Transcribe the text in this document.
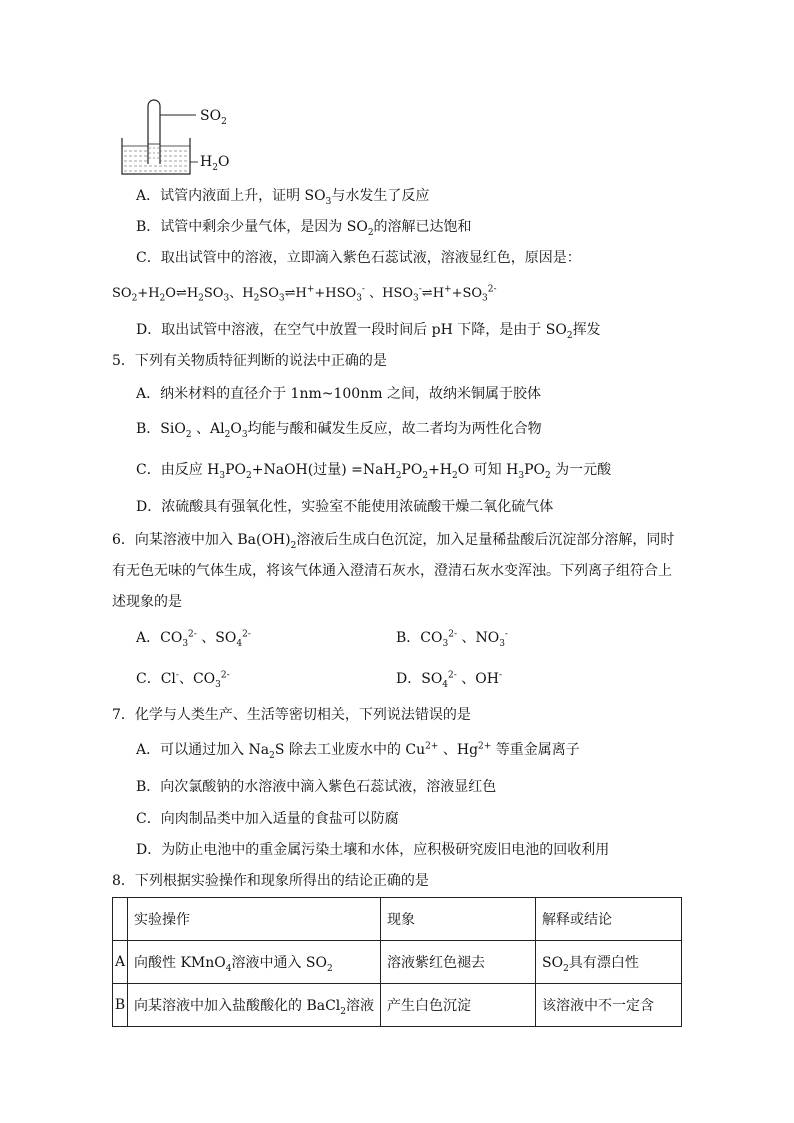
$SO_2$
$H_2O$
A．试管内液面上升，证明 $SO_3$与水发生了反应
B．试管中剩余少量气体，是因为 $SO_2$的溶解已达饱和
C．取出试管中的溶液，立即滴入紫色石蕊试液，溶液显红色，原因是：
$SO_2+H_2O\rightleftharpoons H_2SO_3$、$H_2SO_3\rightleftharpoons H^++HSO_3^-$ 、$HSO_3^-\rightleftharpoons H^++SO_3^{2-}$
D．取出试管中溶液，在空气中放置一段时间后 pH 下降，是由于 $SO_2$挥发
5．下列有关物质特征判断的说法中正确的是
A．纳米材料的直径介于 1nm~100nm 之间，故纳米铜属于胶体
B．SiO$_2$ 、$Al_2O_3$均能与酸和碱发生反应，故二者均为两性化合物
C．由反应 $H_3PO_2+NaOH$(过量) $=NaH_2PO_2+H_2O$ 可知 $H_3PO_2$ 为一元酸
D．浓硫酸具有强氧化性，实验室不能使用浓硫酸干燥二氧化硫气体
6．向某溶液中加入 $Ba(OH)_2$溶液后生成白色沉淀，加入足量稀盐酸后沉淀部分溶解，同时
有无色无味的气体生成，将该气体通入澄清石灰水，澄清石灰水变浑浊。下列离子组符合上
述现象的是
A．$CO_3^{2-}$ 、$SO_4^{2-}$	B．$CO_3^{2-}$ 、$NO_3^-$
C．Cl-、$CO_3^{2-}$	D．$SO_4^{2-}$ 、OH-
7．化学与人类生产、生活等密切相关，下列说法错误的是
A．可以通过加入 $Na_2S$ 除去工业废水中的 $Cu^{2+}$ 、$Hg^{2+}$ 等重金属离子
B．向次氯酸钠的水溶液中滴入紫色石蕊试液，溶液显红色
C．向肉制品类中加入适量的食盐可以防腐
D．为防止电池中的重金属污染土壤和水体，应积极研究废旧电池的回收利用
8．下列根据实验操作和现象所得出的结论正确的是
	实验操作	现象	解释或结论
A	向酸性 KMnO$_4$溶液中通入 $SO_2$	溶液紫红色褪去	$SO_2$具有漂白性
B	向某溶液中加入盐酸酸化的 BaCl$_2$溶液	产生白色沉淀	该溶液中不一定含
